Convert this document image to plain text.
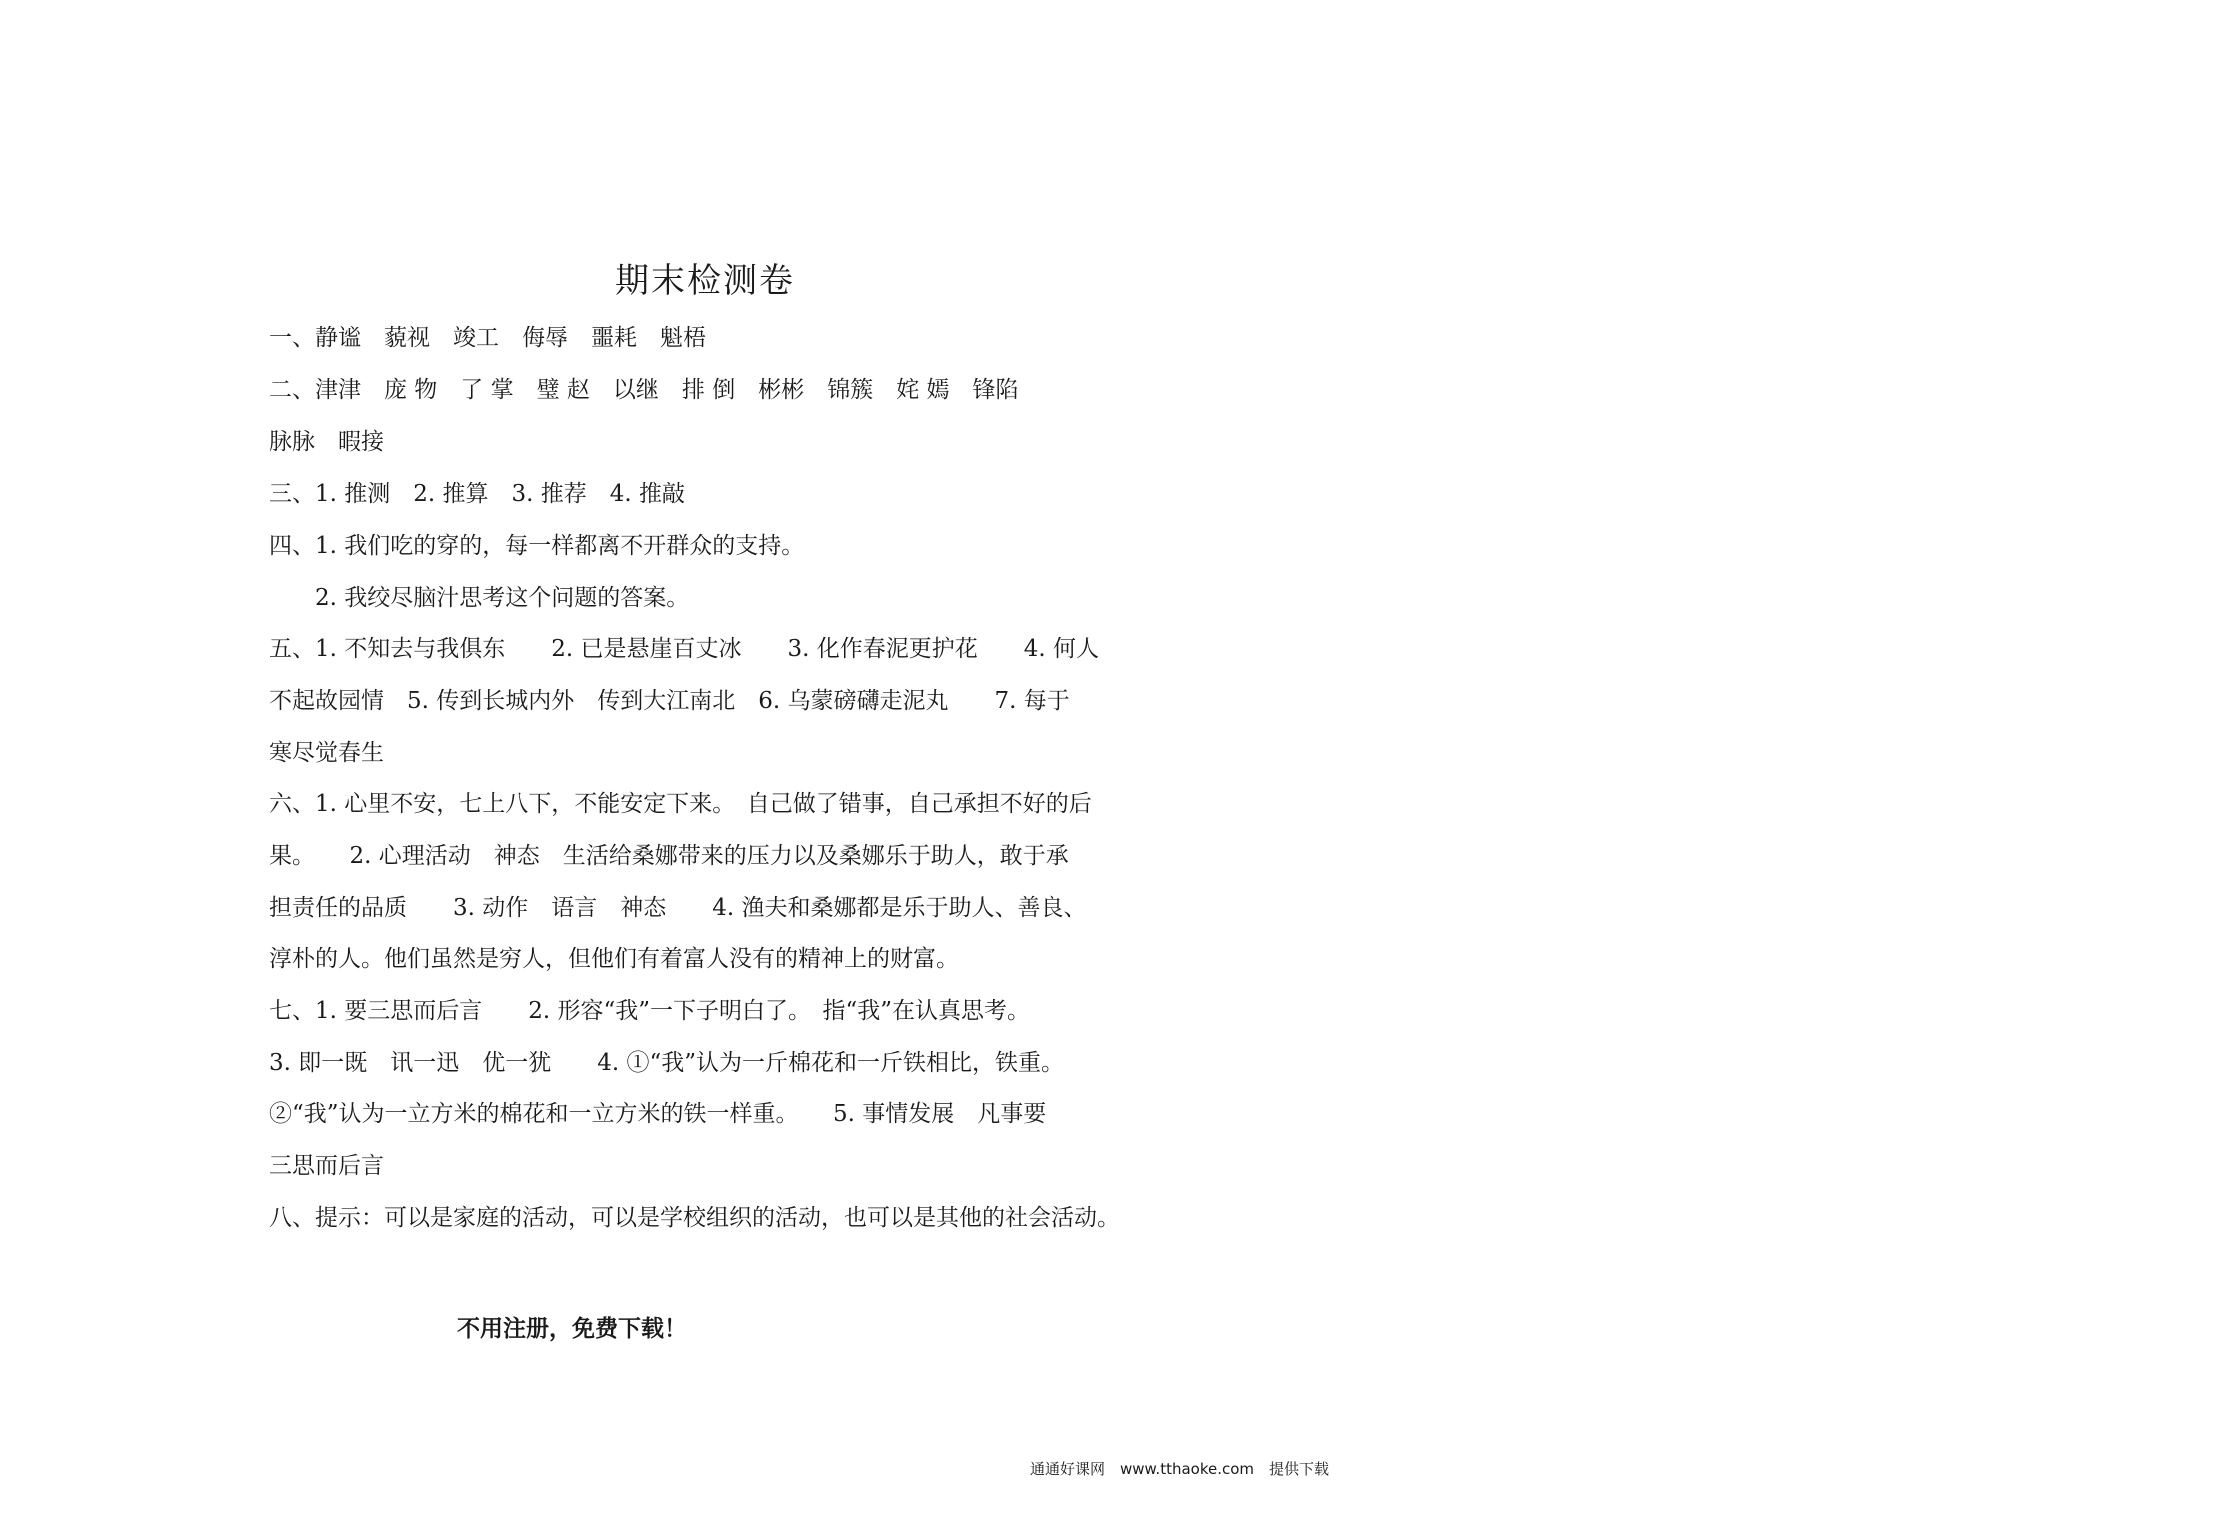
期末检测卷
一、静谧　藐视　竣工　侮辱　噩耗　魁梧
二、津津　庞 物　了 掌　璧 赵　以继　排 倒　彬彬　锦簇　姹 嫣　锋陷
脉脉　暇接
三、1. 推测　2. 推算　3. 推荐　4. 推敲
四、1. 我们吃的穿的，每一样都离不开群众的支持。
　　2. 我绞尽脑汁思考这个问题的答案。
五、1. 不知去与我俱东　　2. 已是悬崖百丈冰　　3. 化作春泥更护花　　4. 何人
不起故园情　5. 传到长城内外　传到大江南北　6. 乌蒙磅礴走泥丸　　7. 每于
寒尽觉春生
六、1. 心里不安，七上八下，不能安定下来。　自己做了错事，自己承担不好的后
果。　　2. 心理活动　神态　生活给桑娜带来的压力以及桑娜乐于助人，敢于承
担责任的品质　　3. 动作　语言　神态　　4. 渔夫和桑娜都是乐于助人、善良、
淳朴的人。他们虽然是穷人，但他们有着富人没有的精神上的财富。
七、1. 要三思而后言　　2. 形容“我”一下子明白了。　指“我”在认真思考。
3. 即一既　讯一迅　优一犹　　4. ①“我”认为一斤棉花和一斤铁相比，铁重。
②“我”认为一立方米的棉花和一立方米的铁一样重。　　5. 事情发展　凡事要
三思而后言
八、提示：可以是家庭的活动，可以是学校组织的活动，也可以是其他的社会活动。
不用注册，免费下载！
通通好课网　www.tthaoke.com　提供下载
